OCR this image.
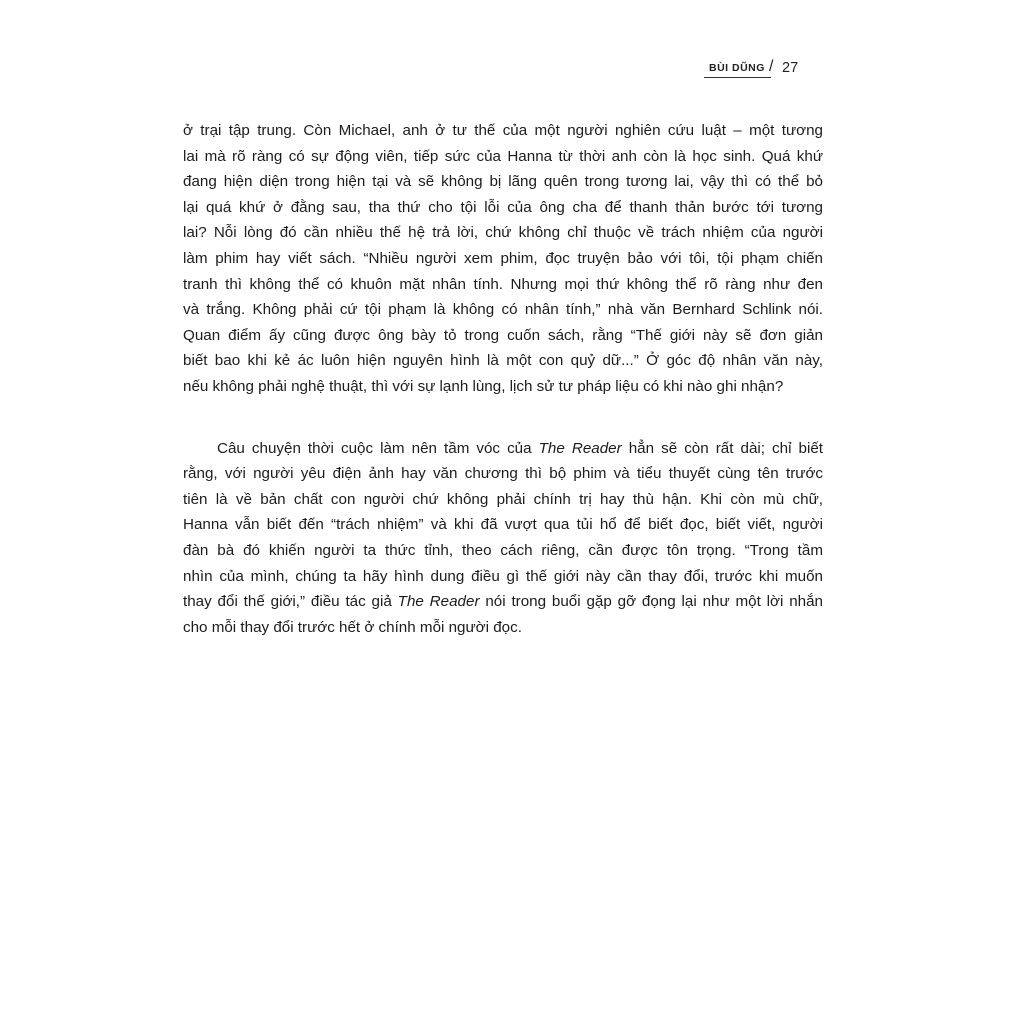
BÙI DŨNG / 27
ở trại tập trung. Còn Michael, anh ở tư thế của một người nghiên cứu luật – một tương
lai mà rõ ràng có sự động viên, tiếp sức của Hanna từ thời anh còn là học sinh. Quá khứ
đang hiện diện trong hiện tại và sẽ không bị lãng quên trong tương lai, vậy thì có thể bỏ
lại quá khứ ở đằng sau, tha thứ cho tội lỗi của ông cha để thanh thản bước tới tương
lai? Nỗi lòng đó cần nhiều thế hệ trả lời, chứ không chỉ thuộc về trách nhiệm của người
làm phim hay viết sách. “Nhiều người xem phim, đọc truyện bảo với tôi, tội phạm chiến
tranh thì không thể có khuôn mặt nhân tính. Nhưng mọi thứ không thể rõ ràng như đen
và trắng. Không phải cứ tội phạm là không có nhân tính,” nhà văn Bernhard Schlink nói.
Quan điểm ấy cũng được ông bày tỏ trong cuốn sách, rằng “Thế giới này sẽ đơn giản
biết bao khi kẻ ác luôn hiện nguyên hình là một con quỷ dữ...” Ở góc độ nhân văn này,
nếu không phải nghệ thuật, thì với sự lạnh lùng, lịch sử tư pháp liệu có khi nào ghi nhận?
Câu chuyện thời cuộc làm nên tầm vóc của The Reader hẳn sẽ còn rất dài; chỉ biết
rằng, với người yêu điện ảnh hay văn chương thì bộ phim và tiểu thuyết cùng tên trước
tiên là về bản chất con người chứ không phải chính trị hay thù hận. Khi còn mù chữ,
Hanna vẫn biết đến “trách nhiệm” và khi đã vượt qua tủi hổ để biết đọc, biết viết, người
đàn bà đó khiến người ta thức tỉnh, theo cách riêng, cần được tôn trọng. “Trong tầm
nhìn của mình, chúng ta hãy hình dung điều gì thế giới này cần thay đổi, trước khi muốn
thay đổi thế giới,” điều tác giả The Reader nói trong buổi gặp gỡ đọng lại như một lời nhắn
cho mỗi thay đổi trước hết ở chính mỗi người đọc.
